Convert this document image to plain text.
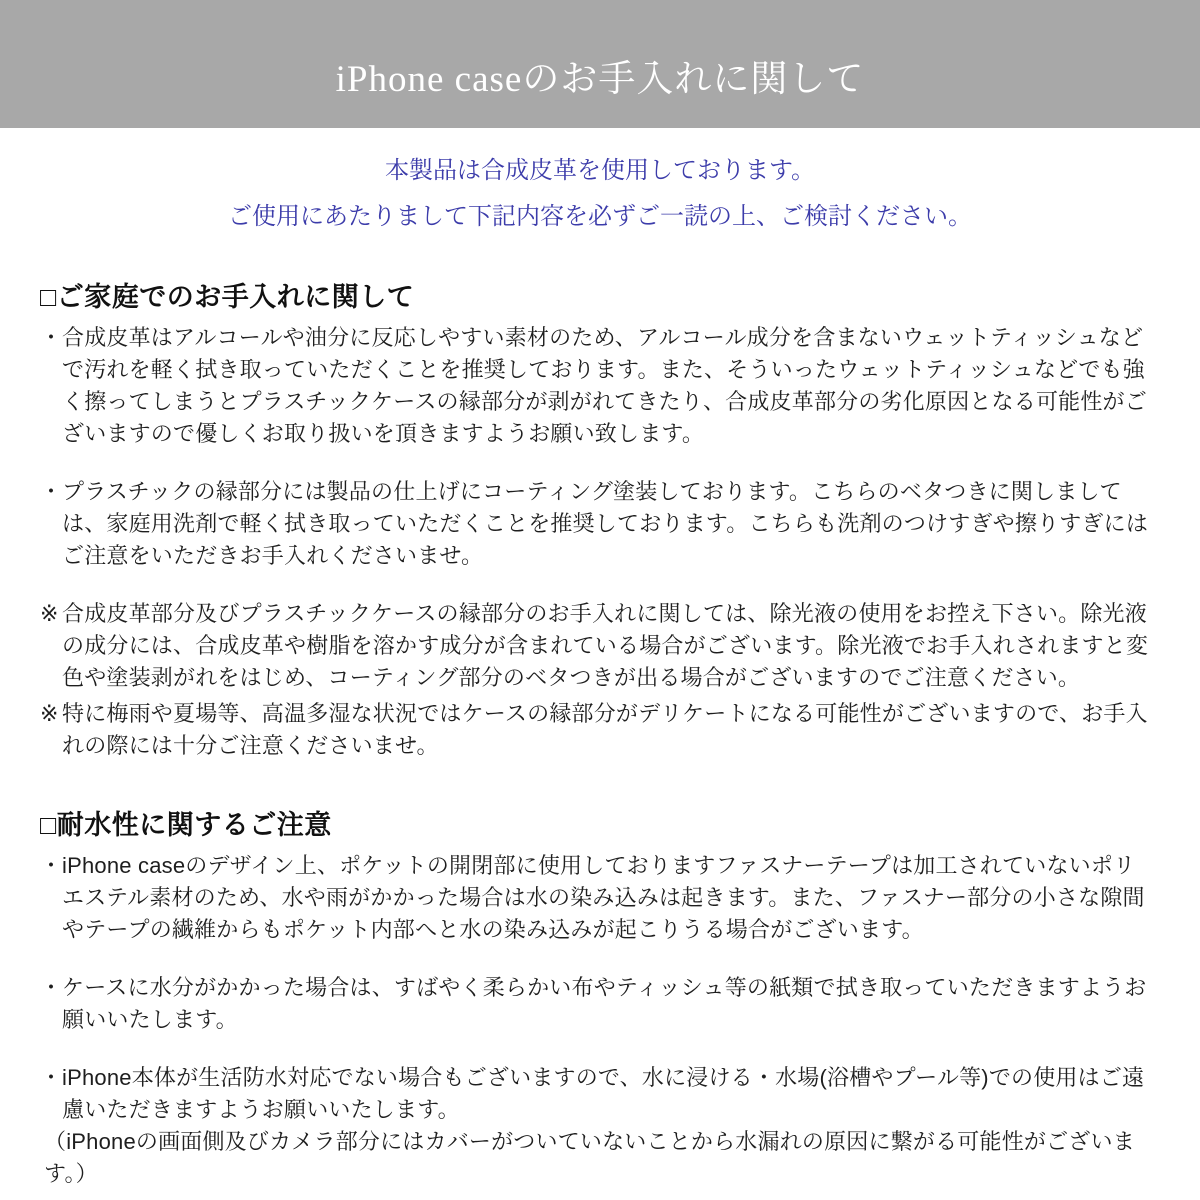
iPhone caseのお手入れに関して

本製品は合成皮革を使用しております。

ご使用にあたりまして下記内容を必ずご一読の上、ご検討ください。

□ご家庭でのお手入れに関して

・ 合成皮革はアルコールや油分に反応しやすい素材のため、アルコール成分を含まないウェットティッシュなどで汚れを軽く拭き取っていただくことを推奨しております。また、そういったウェットティッシュなどでも強く擦ってしまうとプラスチックケースの縁部分が剥がれてきたり、合成皮革部分の劣化原因となる可能性がございますので優しくお取り扱いを頂きますようお願い致します。

・ プラスチックの縁部分には製品の仕上げにコーティング塗装しております。こちらのベタつきに関しましては、家庭用洗剤で軽く拭き取っていただくことを推奨しております。こちらも洗剤のつけすぎや擦りすぎにはご注意をいただきお手入れくださいませ。

※ 合成皮革部分及びプラスチックケースの縁部分のお手入れに関しては、除光液の使用をお控え下さい。除光液の成分には、合成皮革や樹脂を溶かす成分が含まれている場合がございます。除光液でお手入れされますと変色や塗装剥がれをはじめ、コーティング部分のベタつきが出る場合がございますのでご注意ください。

※ 特に梅雨や夏場等、高温多湿な状況ではケースの縁部分がデリケートになる可能性がございますので、お手入れの際には十分ご注意くださいませ。

□耐水性に関するご注意

・ iPhone caseのデザイン上、ポケットの開閉部に使用しておりますファスナーテープは加工されていないポリエステル素材のため、水や雨がかかった場合は水の染み込みは起きます。また、ファスナー部分の小さな隙間やテープの繊維からもポケット内部へと水の染み込みが起こりうる場合がございます。

・ ケースに水分がかかった場合は、すばやく柔らかい布やティッシュ等の紙類で拭き取っていただきますようお願いいたします。

・ iPhone本体が生活防水対応でない場合もございますので、水に浸ける・水場(浴槽やプール等)での使用はご遠慮いただきますようお願いいたします。

（iPhoneの画面側及びカメラ部分にはカバーがついていないことから水漏れの原因に繋がる可能性がございます。）
